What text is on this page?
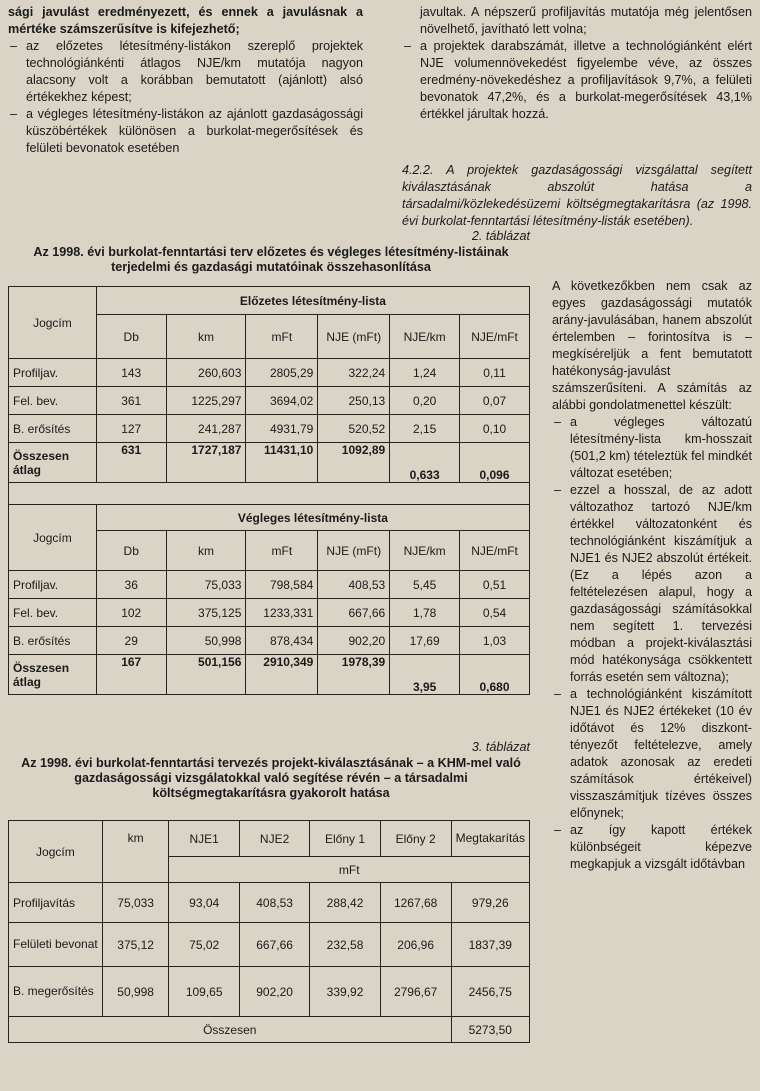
sági javulást eredményezett, és ennek a javulásnak a mértéke számszerűsítve is kifejezhető;

– az előzetes létesítmény-listákon szereplő projektek technológiánkénti átlagos NJE/km mutatója nagyon alacsony volt a korábban bemutatott (ajánlott) alsó értékekhez képest;

– a végleges létesítmény-listákon az ajánlott gazdaságossági küszöbértékek különösen a burkolat-megerősítések és felületi bevonatok esetében

javultak. A népszerű profiljavítás mutatója még jelentősen növelhető, javítható lett volna;

– a projektek darabszámát, illetve a technológiánként elért NJE volumennövekedést figyelembe véve, az összes eredmény-növekedéshez a profiljavítások 9,7%, a felületi bevonatok 47,2%, és a burkolat-megerősítések 43,1% értékkel járultak hozzá.

4.2.2. A projektek gazdaságossági vizsgálattal segített kiválasztásának abszolút hatása a társadalmi/közlekedésüzemi költségmegtakarításra (az 1998. évi burkolat-fenntartási létesítmény-listák esetében).

A következőkben nem csak az egyes gazdaságossági mutatók arány-javulásában, hanem abszolút értelemben – forintosítva is – megkíséreljük a fent bemutatott hatékonyság-javulást számszerűsíteni. A számítás az alábbi gondolatmenettel készült:

– a végleges változatú létesítmény-lista km-hosszait (501,2 km) tételeztük fel mindkét változat esetében;

– ezzel a hosszal, de az adott változathoz tartozó NJE/km értékkel változatonként és technológiánként kiszámítjuk a NJE1 és NJE2 abszolút értékeit. (Ez a lépés azon a feltételezésen alapul, hogy a gazdaságossági számításokkal nem segített 1. tervezési módban a projekt-kiválasztási mód hatékonysága csökkentett forrás esetén sem változna);

– a technológiánként kiszámított NJE1 és NJE2 értékeket (10 év időtávot és 12% diszkont-tényezőt feltételezve, amely adatok azonosak az eredeti számítások értékeivel) visszaszámítjuk tízéves összes előnynek;

– az így kapott értékek különbségeit képezve megkapjuk a vizsgált időtávban

2. táblázat
Az 1998. évi burkolat-fenntartási terv előzetes és végleges létesítmény-listáinak terjedelmi és gazdasági mutatóinak összehasonlítása
Jogcím	Előzetes létesítmény-lista					
	Db	km	mFt	NJE (mFt)	NJE/km	NJE/mFt
Profiljav.	143	260,603	2805,29	322,24	1,24	0,11
Fel. bev.	361	1225,297	3694,02	250,13	0,20	0,07
B. erősítés	127	241,287	4931,79	520,52	2,15	0,10
Összesen átlag	631	1727,187	11431,10	1092,89	0,633	0,096

Jogcím	Végleges létesítmény-lista					
	Db	km	mFt	NJE (mFt)	NJE/km	NJE/mFt
Profiljav.	36	75,033	798,584	408,53	5,45	0,51
Fel. bev.	102	375,125	1233,331	667,66	1,78	0,54
B. erősítés	29	50,998	878,434	902,20	17,69	1,03
Összesen átlag	167	501,156	2910,349	1978,39	3,95	0,680
3. táblázat
Az 1998. évi burkolat-fenntartási tervezés projekt-kiválasztásának – a KHM-mel való gazdaságossági vizsgálatokkal való segítése révén – a társadalmi költségmegtakarításra gyakorolt hatása
Jogcím	km	NJE1	NJE2	Előny 1	Előny 2	Megtakarítás
		mFt				
Profiljavítás	75,033	93,04	408,53	288,42	1267,68	979,26
Felületi bevonat	375,12	75,02	667,66	232,58	206,96	1837,39
B. megerősítés	50,998	109,65	902,20	339,92	2796,67	2456,75
Összesen						5273,50
